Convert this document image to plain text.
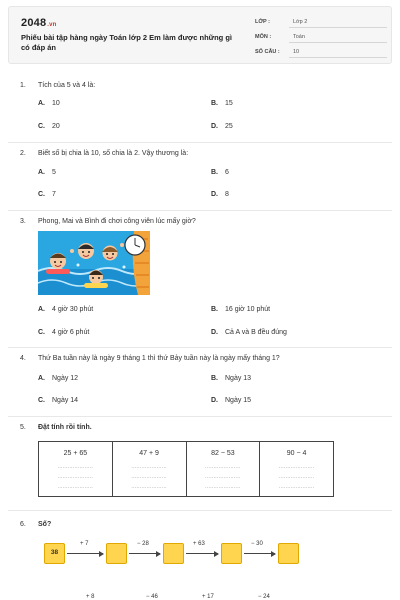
2048.vn
Phiếu bài tập hàng ngày Toán lớp 2 Em làm được những gì có đáp án
LỚP :	Lớp 2
MÔN :	Toán
SỐ CÂU : 10
1. Tích của 5 và 4 là:
A. 10	B. 15
C. 20	D. 25
2. Biết số bị chia là 10, số chia là 2. Vậy thương là:
A. 5	B. 6
C. 7	D. 8
3. Phong, Mai và Bình đi chơi công viên lúc mấy giờ?
A. 4 giờ 30 phút	B. 16 giờ 10 phút
C. 4 giờ 6 phút	D. Cả A và B đều đúng
4. Thứ Ba tuần này là ngày 9 tháng 1 thì thứ Bảy tuần này là ngày mấy tháng 1?
A. Ngày 12	B. Ngày 13
C. Ngày 14	D. Ngày 15
5. Đặt tính rồi tính.
25 + 65
.....................
.....................
.....................
47 + 9
.....................
.....................
.....................
82 − 53
.....................
.....................
.....................
90 − 4
.....................
.....................
.....................
6. Số?
38
+ 7	− 28	+ 63	− 30
+ 8	− 46	+ 17	− 24
